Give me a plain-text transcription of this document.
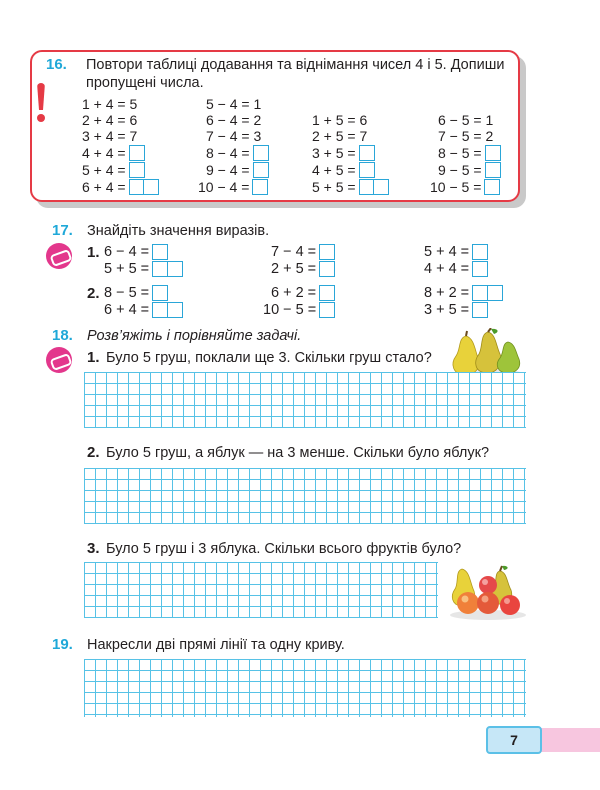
16. Повтори таблиці додавання та віднімання чисел 4 і 5. Допиши
пропущені числа.
1 + 4 = 5
2 + 4 = 6
3 + 4 = 7
4 + 4 =
5 + 4 =
6 + 4 =
5 − 4 = 1
6 − 4 = 2
7 − 4 = 3
8 − 4 =
9 − 4 =
10 − 4 =
1 + 5 = 6
2 + 5 = 7
3 + 5 =
4 + 5 =
5 + 5 =
6 − 5 = 1
7 − 5 = 2
8 − 5 =
9 − 5 =
10 − 5 =
17. Знайдіть значення виразів.
1. 6 − 4 =
5 + 5 =
7 − 4 =
2 + 5 =
5 + 4 =
4 + 4 =
2. 8 − 5 =
6 + 4 =
6 + 2 =
10 − 5 =
8 + 2 =
3 + 5 =
18. Розв’яжіть і порівняйте задачі.
1. Було 5 груш, поклали ще 3. Скільки груш стало?
2. Було 5 груш, а яблук — на 3 менше. Скільки було яблук?
3. Було 5 груш і 3 яблука. Скільки всього фруктів було?
19. Накресли дві прямі лінії та одну криву.
7
